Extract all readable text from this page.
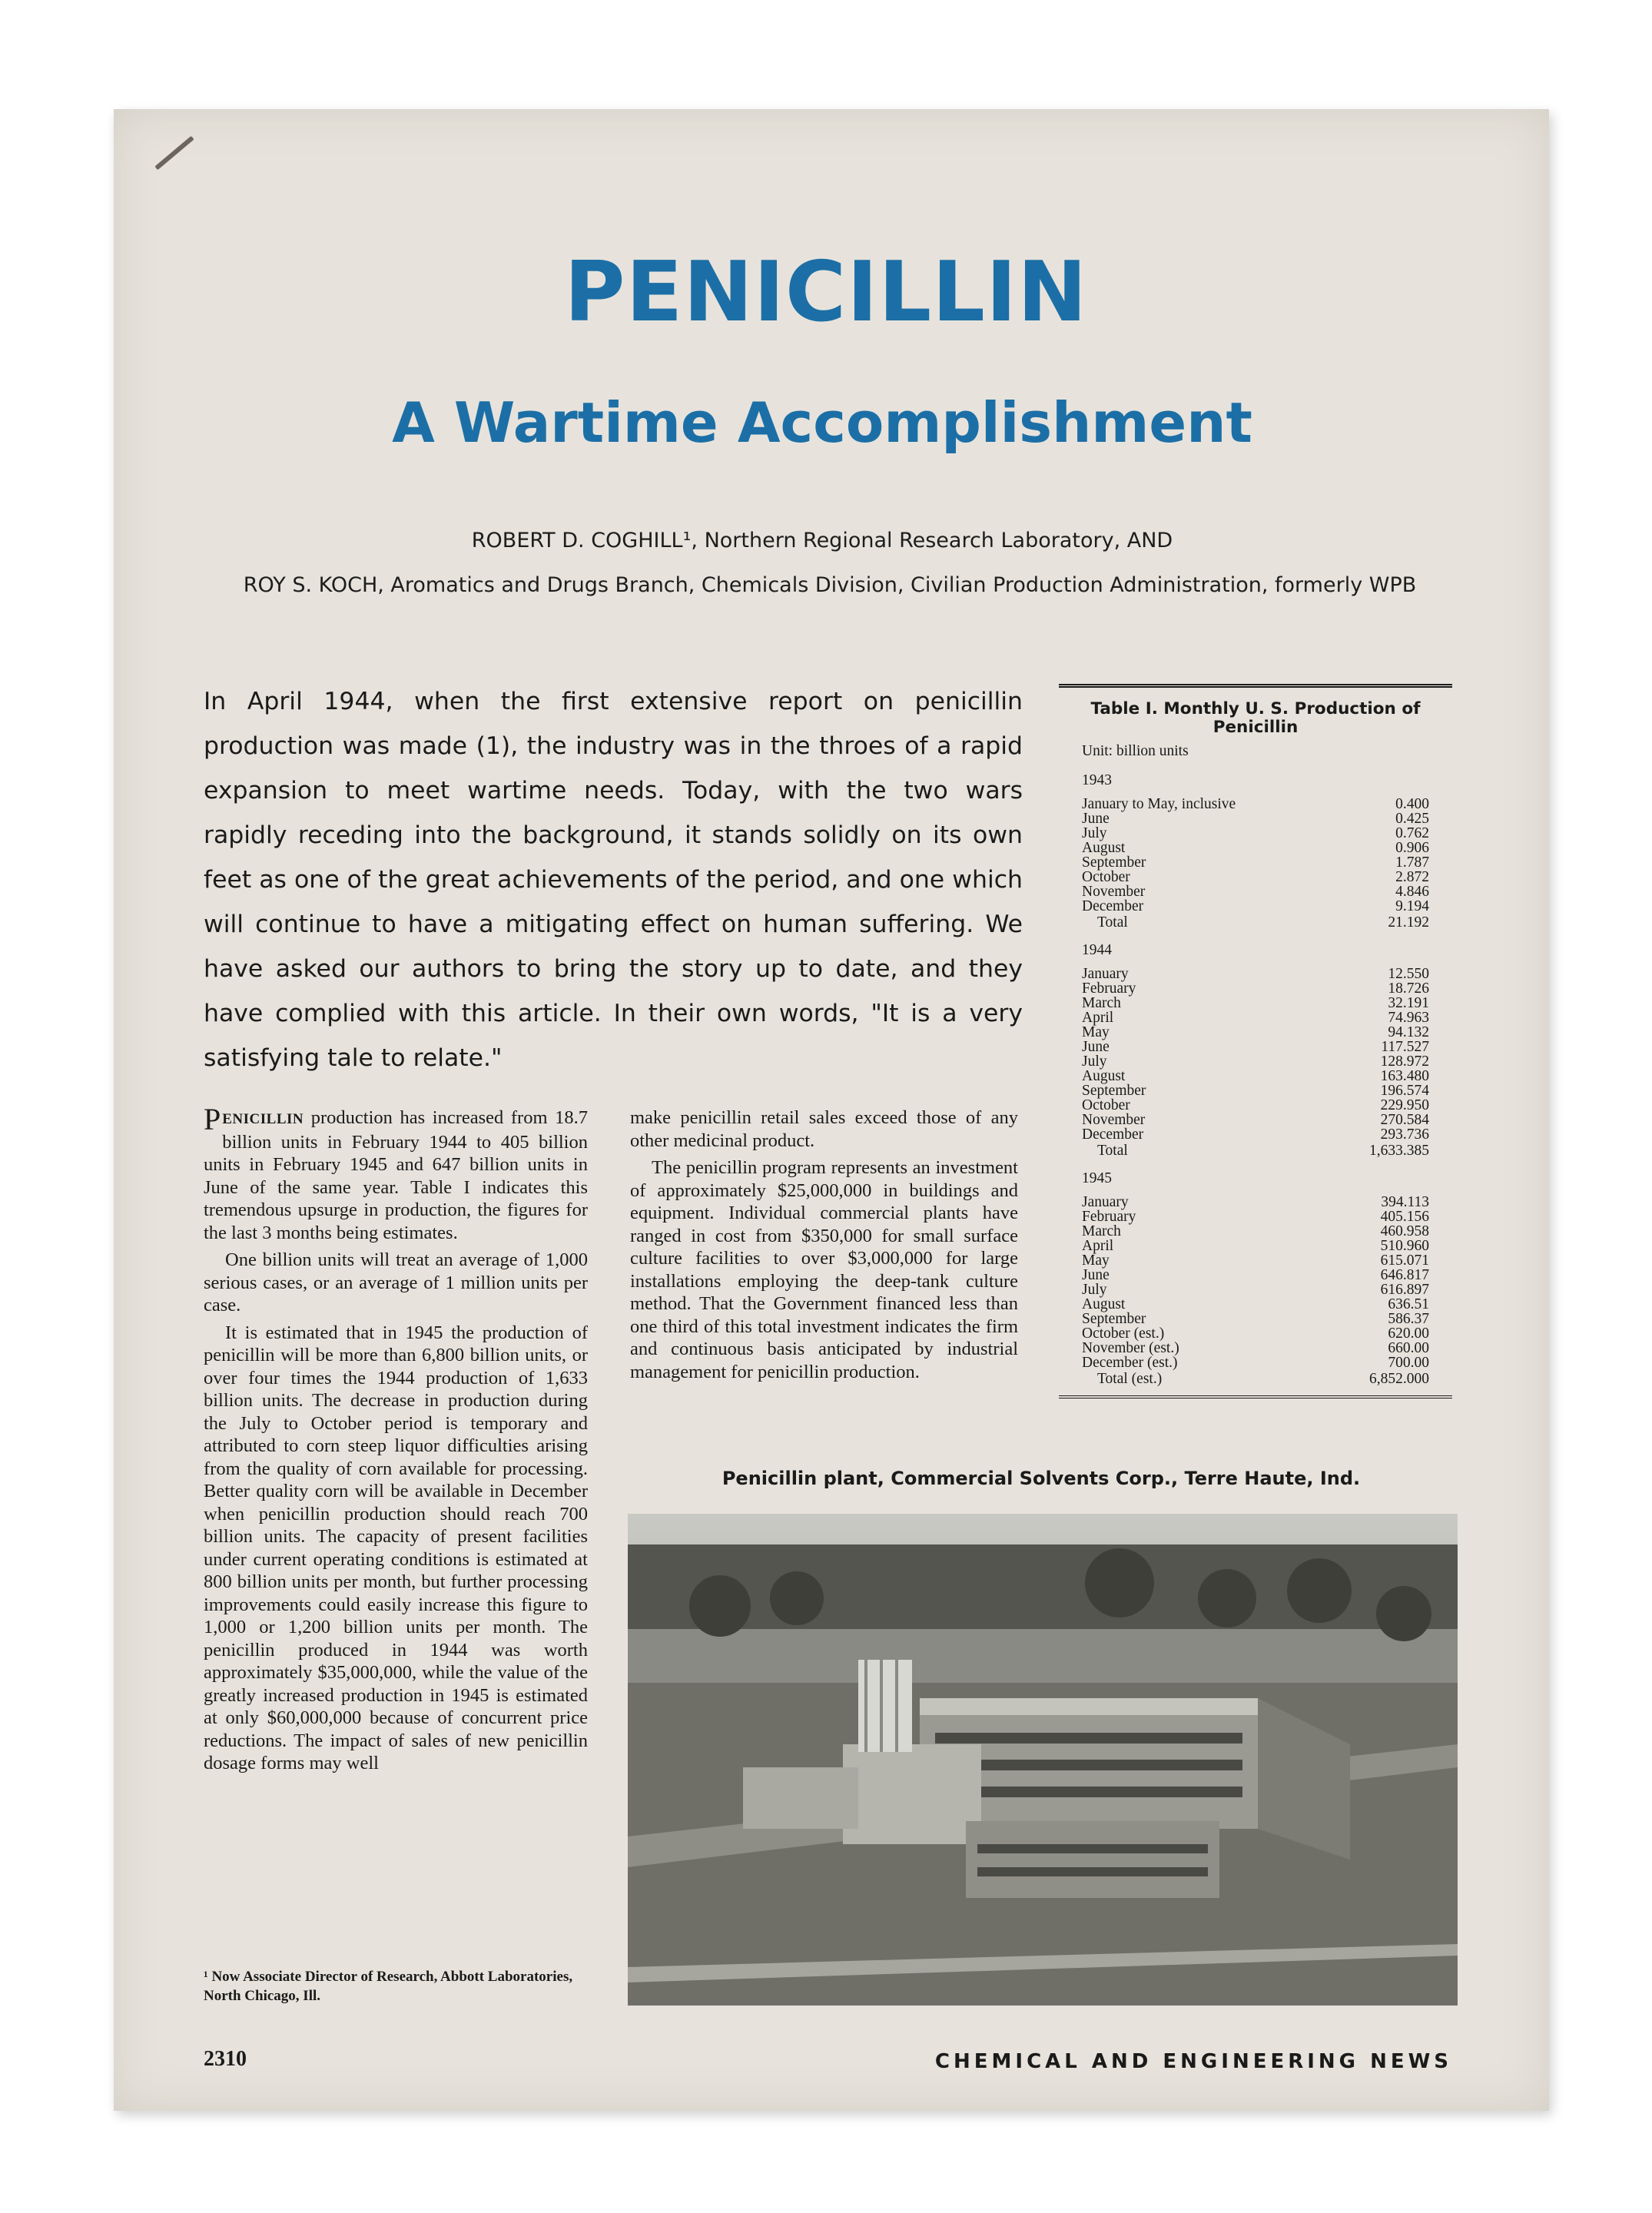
PENICILLIN
A Wartime Accomplishment
ROBERT D. COGHILL¹, Northern Regional Research Laboratory, AND
ROY S. KOCH, Aromatics and Drugs Branch, Chemicals Division, Civilian Production Administration, formerly WPB

In April 1944, when the first extensive report on penicillin production was made (1), the industry was in the throes of a rapid expansion to meet wartime needs. Today, with the two wars rapidly receding into the background, it stands solidly on its own feet as one of the great achievements of the period, and one which will continue to have a mitigating effect on human suffering. We have asked our authors to bring the story up to date, and they have complied with this article. In their own words, "It is a very satisfying tale to relate."

PENICILLIN production has increased from 18.7 billion units in February 1944 to 405 billion units in February 1945 and 647 billion units in June of the same year. Table I indicates this tremendous upsurge in production, the figures for the last 3 months being estimates.

One billion units will treat an average of 1,000 serious cases, or an average of 1 million units per case.

It is estimated that in 1945 the production of penicillin will be more than 6,800 billion units, or over four times the 1944 production of 1,633 billion units. The decrease in production during the July to October period is temporary and attributed to corn steep liquor difficulties arising from the quality of corn available for processing. Better quality corn will be available in December when penicillin production should reach 700 billion units. The capacity of present facilities under current operating conditions is estimated at 800 billion units per month, but further processing improvements could easily increase this figure to 1,000 or 1,200 billion units per month. The penicillin produced in 1944 was worth approximately $35,000,000, while the value of the greatly increased production in 1945 is estimated at only $60,000,000 because of concurrent price reductions. The impact of sales of new penicillin dosage forms may well

¹ Now Associate Director of Research, Abbott Laboratories, North Chicago, Ill.

make penicillin retail sales exceed those of any other medicinal product.

The penicillin program represents an investment of approximately $25,000,000 in buildings and equipment. Individual commercial plants have ranged in cost from $350,000 for small surface culture facilities to over $3,000,000 for large installations employing the deep-tank culture method. That the Government financed less than one third of this total investment indicates the firm and continuous basis anticipated by industrial management for penicillin production.

Table I. Monthly U. S. Production of Penicillin
Unit: billion units
1943
January to May, inclusive	0.400
June	0.425
July	0.762
August	0.906
September	1.787
October	2.872
November	4.846
December	9.194
Total	21.192
1944
January	12.550
February	18.726
March	32.191
April	74.963
May	94.132
June	117.527
July	128.972
August	163.480
September	196.574
October	229.950
November	270.584
December	293.736
Total	1,633.385
1945
January	394.113
February	405.156
March	460.958
April	510.960
May	615.071
June	646.817
July	616.897
August	636.51
September	586.37
October (est.)	620.00
November (est.)	660.00
December (est.)	700.00
Total (est.)	6,852.000
Penicillin plant, Commercial Solvents Corp., Terre Haute, Ind.
2310	CHEMICAL AND ENGINEERING NEWS
